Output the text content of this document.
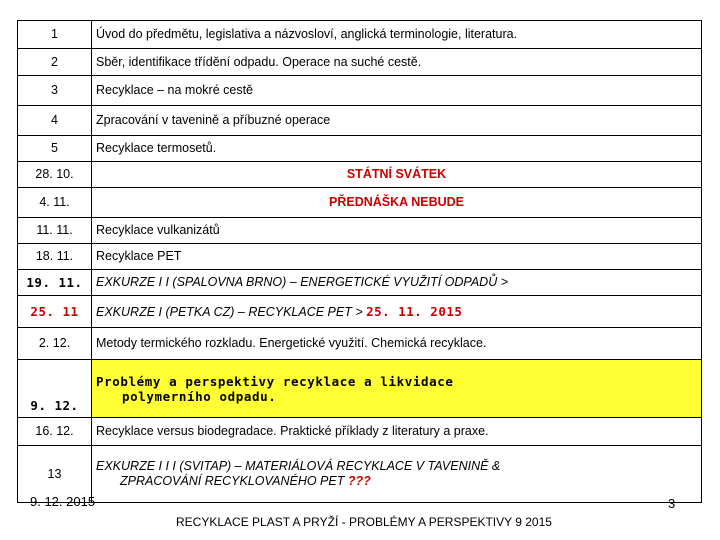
1	Úvod do předmětu, legislativa a názvosloví, anglická terminologie, literatura.
2	Sběr, identifikace třídění odpadu. Operace na suché cestě.
3	Recyklace – na mokré cestě
4	Zpracování v tavenině a příbuzné operace
5	Recyklace termosetů.
28. 10.	STÁTNÍ SVÁTEK
4. 11.	PŘEDNÁŠKA NEBUDE
11. 11.	Recyklace vulkanizátů
18. 11.	Recyklace PET
19. 11.	EXKURZE I I (SPALOVNA BRNO) – ENERGETICKÉ VYUŽITÍ ODPADŮ >
25. 11	EXKURZE I (PETKA CZ) – RECYKLACE PET > 25. 11. 2015
2. 12.	Metody termického rozkladu. Energetické využití. Chemická recyklace.
9. 12.	Problémy a perspektivy recyklace a likvidace
polymerního odpadu.

16. 12.	Recyklace versus biodegradace. Praktické příklady z literatury a praxe.
13	EXKURZE I I I (SVITAP) – MATERIÁLOVÁ RECYKLACE V TAVENINĚ &
ZPRACOVÁNÍ RECYKLOVANÉHO PET ???
9. 12. 2015
RECYKLACE PLAST A PRYŽÍ - PROBLÉMY A PERSPEKTIVY 9 2015
3
